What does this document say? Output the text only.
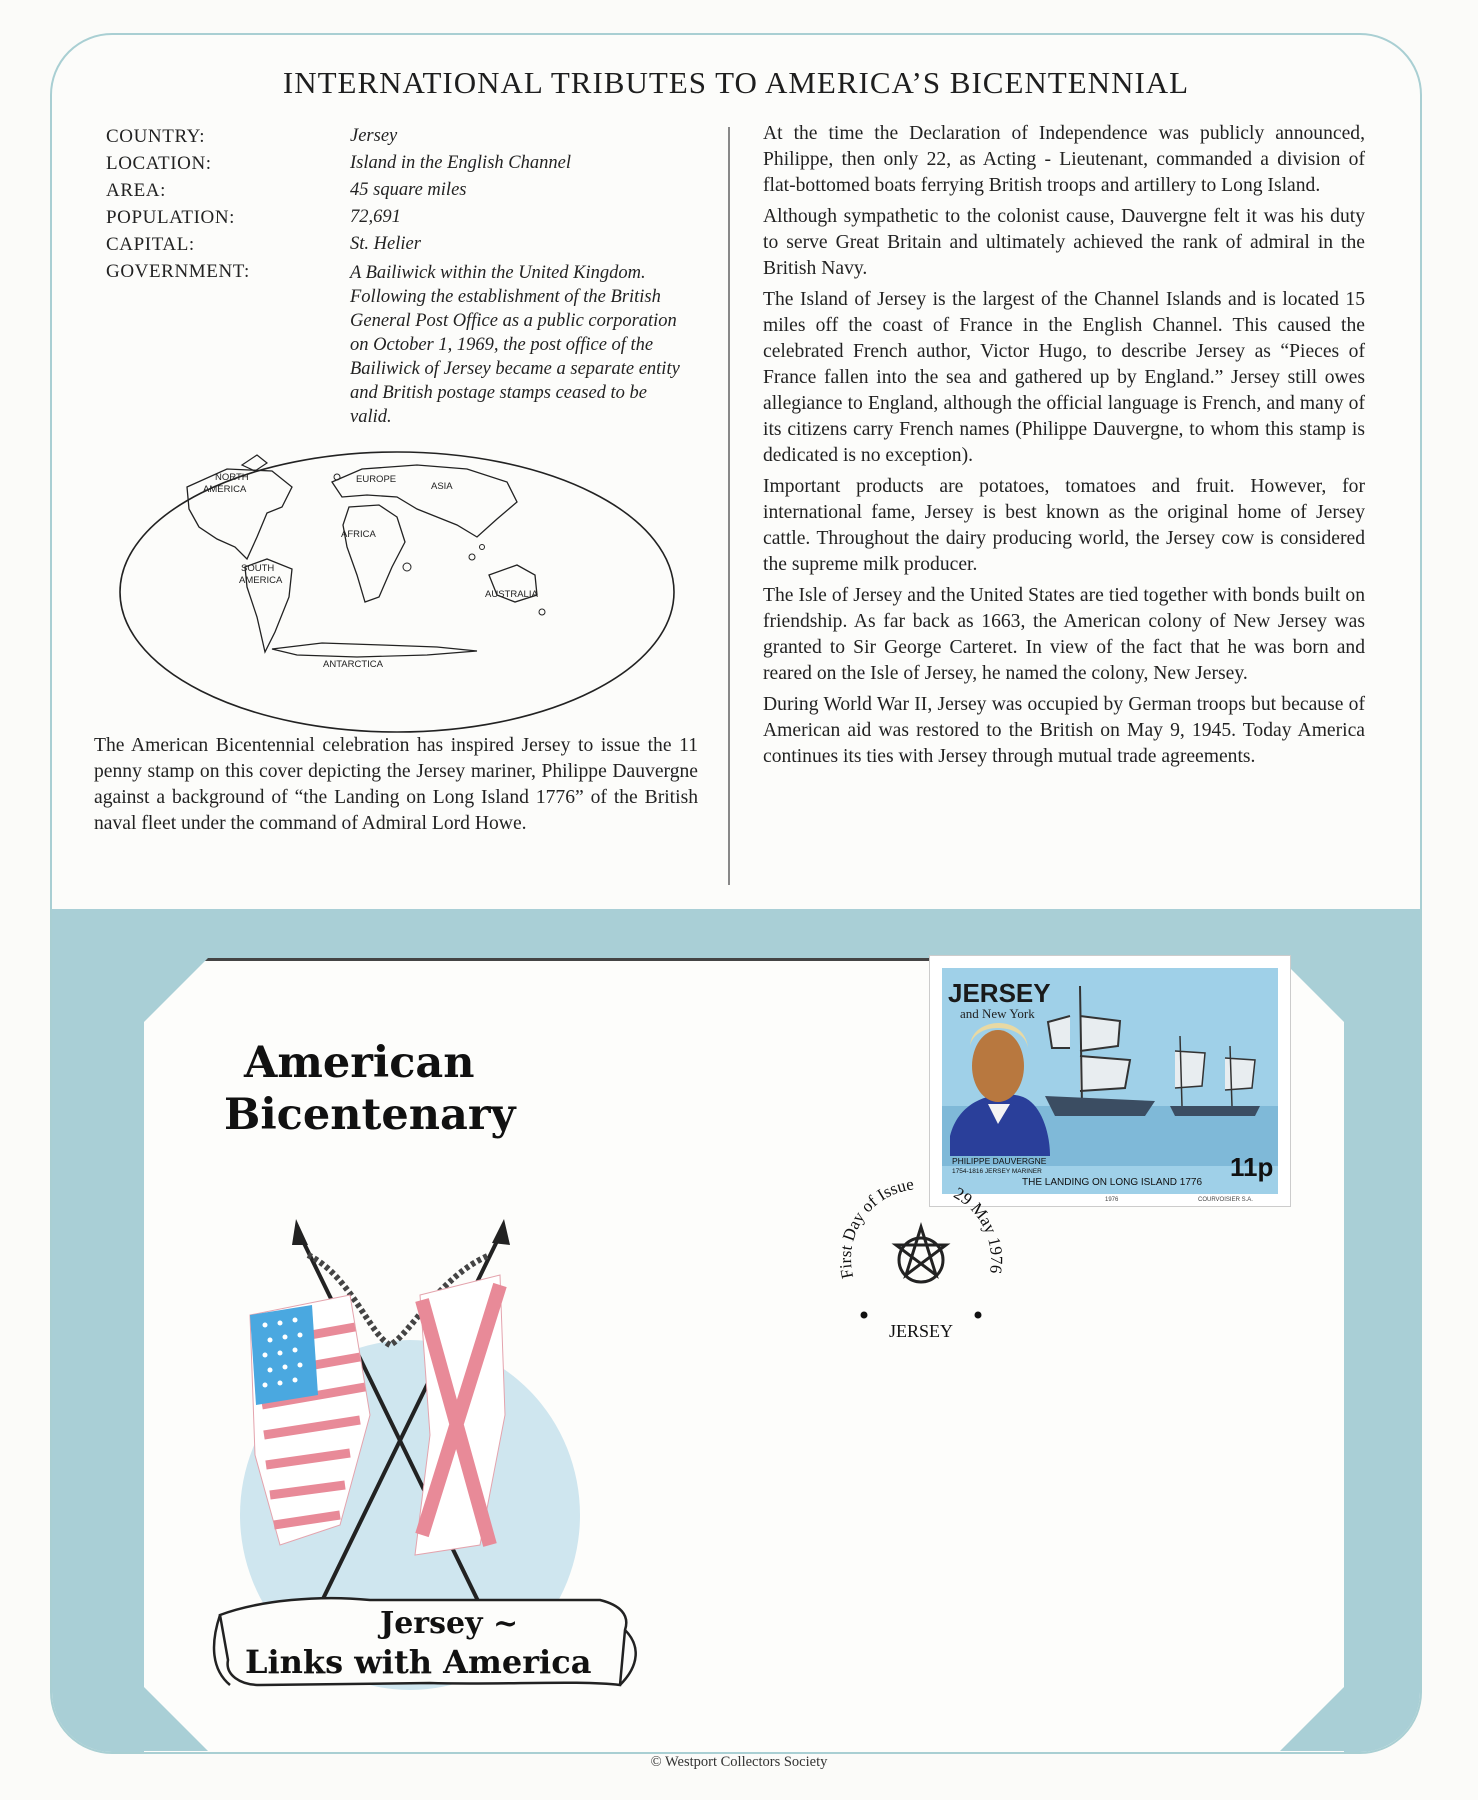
INTERNATIONAL TRIBUTES TO AMERICA’S BICENTENNIAL
COUNTRY:	Jersey
LOCATION:	Island in the English Channel
AREA:	45 square miles
POPULATION:	72,691
CAPITAL:	St. Helier
GOVERNMENT:	A Bailiwick within the United Kingdom. Following the establishment of the British General Post Office as a public corporation on October 1, 1969, the post office of the Bailiwick of Jersey became a separate entity and British postage stamps ceased to be valid.
NORTH
AMERICA
EUROPE
ASIA
AFRICA
SOUTH
AMERICA
AUSTRALIA
ANTARCTICA
The American Bicentennial celebration has inspired Jersey to issue the 11 penny stamp on this cover depicting the Jersey mariner, Philippe Dauvergne against a background of “the Landing on Long Island 1776” of the British naval fleet under the command of Admiral Lord Howe.

At the time the Declaration of Independence was publicly announced, Philippe, then only 22, as Acting - Lieutenant, commanded a division of flat-bottomed boats ferrying British troops and artillery to Long Island.

Although sympathetic to the colonist cause, Dauvergne felt it was his duty to serve Great Britain and ultimately achieved the rank of admiral in the British Navy.

The Island of Jersey is the largest of the Channel Islands and is located 15 miles off the coast of France in the English Channel. This caused the celebrated French author, Victor Hugo, to describe Jersey as “Pieces of France fallen into the sea and gathered up by England.” Jersey still owes allegiance to England, although the official language is French, and many of its citizens carry French names (Philippe Dauvergne, to whom this stamp is dedicated is no exception).

Important products are potatoes, tomatoes and fruit. However, for international fame, Jersey is best known as the original home of Jersey cattle. Throughout the dairy producing world, the Jersey cow is considered the supreme milk producer.

The Isle of Jersey and the United States are tied together with bonds built on friendship. As far back as 1663, the American colony of New Jersey was granted to Sir George Carteret. In view of the fact that he was born and reared on the Isle of Jersey, he named the colony, New Jersey.

During World War II, Jersey was occupied by German troops but because of American aid was restored to the British on May 9, 1945. Today America continues its ties with Jersey through mutual trade agreements.

American
Bicentenary
Jersey ~
Links with America
JERSEY
and New York
PHILIPPE DAUVERGNE
1754-1816 JERSEY MARINER
THE LANDING ON LONG ISLAND 1776
11p
1976	COURVOISIER S.A.
First Day of Issue 29 May 1976
JERSEY
© Westport Collectors Society
